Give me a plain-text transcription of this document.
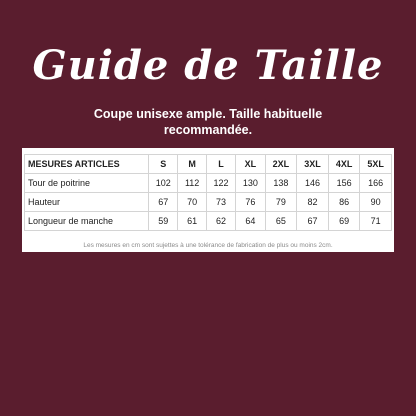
Guide de Taille
Coupe unisexe ample. Taille habituelle recommandée.
MESURES ARTICLES	S	M	L	XL	2XL	3XL	4XL	5XL
Tour de poitrine	102	112	122	130	138	146	156	166
Hauteur	67	70	73	76	79	82	86	90
Longueur de manche	59	61	62	64	65	67	69	71
Les mesures en cm sont sujettes à une tolérance de fabrication de plus ou moins 2cm.
